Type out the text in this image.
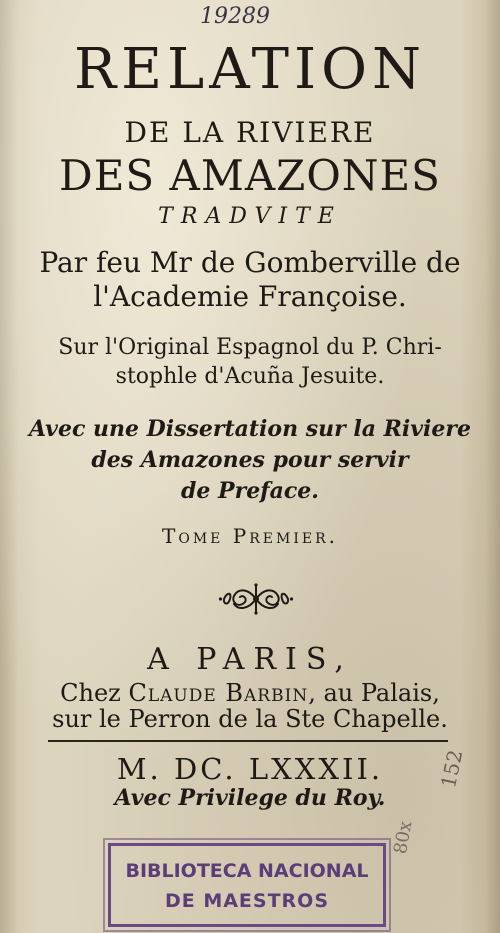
19289
RELATION
DE LA RIVIERE
DES AMAZONES
TRADVITE
Par feu Mr de Gomberville de
l'Academie Françoise.
Sur l'Original Espagnol du P. Chri-
stophle d'Acuña Jesuite.
Avec une Dissertation sur la Riviere
des Amazones pour servir
de Preface.
Tome Premier.
A PARIS,
Chez Claude Barbin, au Palais,
sur le Perron de la Ste Chapelle.
M. DC. LXXXII.
Avec Privilege du Roy.
152
80x
BIBLIOTECA NACIONAL
DE MAESTROS
